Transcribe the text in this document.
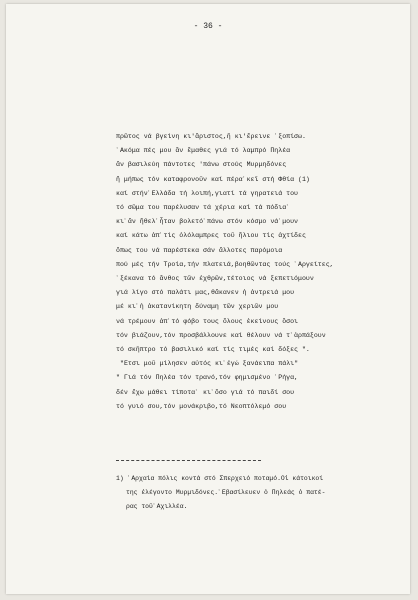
- 36 -
πρῶτος νά βγείνη κι'ἄριστος,ἢ κι'ἔρεινε ᾽ξοπίσω.
᾽Ακόμα πές μου ἄν ἔμαθες γιά τό λαμπρό Πηλέα
ἄν βασιλεύη πάντοτες 'πάνω στούς Μυρμηδόνες
ἤ μήπως τόν καταφρονοῦν καί πέρα᾽κεῖ στή Φθία (1)
καί στήν᾽Ελλάδα τή λοιπή,γιατί τά γηρατειά του
τό σῶμα του παρέλυσαν τά χέρια καί τά πόδια᾽
κι᾽ἄν ἤθελ᾽ἦταν βολετό᾽πάνω στόν κόσμο νά᾽μουν
καί κάτω ἀπ᾽τίς ὁλόλαμπρες τοῦ ἥλιου τίς ἀχτίδες
ὅπως του νά παρέστεκα σάν ἄλλοτες παρόμοια
πού μές τήν Τροία,τήν πλατειά,βοηθῶντας τούς ᾽Αργείτες,
᾽ξέκανα τό ἄνθος τῶν ἐχθρῶν,τέτοιος νά ξεπετιόμουν
γιά λίγο στό παλάτι μας,θἄκανεν ἡ ἀντρειά μου
μέ κι᾽ἡ ἀκατανίκητη δύναμη τῶν χεριῶν μου
νά τρέμουν ἀπ᾽τό φόβο τους ὅλους ἐκείνους ὅσοι
τόν βιάζουν,τόν προσβάλλουνε καί θέλουν νά τ᾽ἁρπάξουν
τό σκῆπτρο τό βασιλικό καί τίς τιμές καί δόξες ".
"Ετσι μοῦ μίλησεν αὐτός κι᾽ἐγώ ξανάειπα πάλι"
" Γιά τόν Πηλέα τόν τρανό,τόν φημισμένο ᾽Ρήγα,
δέν ἔχω μάθει τίποτα᾽ κι᾽ὅσο γιά τό παιδί σου
τό γυιό σου,τόν μονάκριβο,τό Νεοπτόλεμό σου
1) ᾽Αρχαία πόλις κοντά στό Σπερχειό ποταμό.Οἱ κάτοικοί
της ἐλέγοντο Μυρμιδόνες.᾽Εβασίλευεν ὁ Πηλεάς ὁ πατέ-
ρας τοῦ᾽Αχιλλέα.
